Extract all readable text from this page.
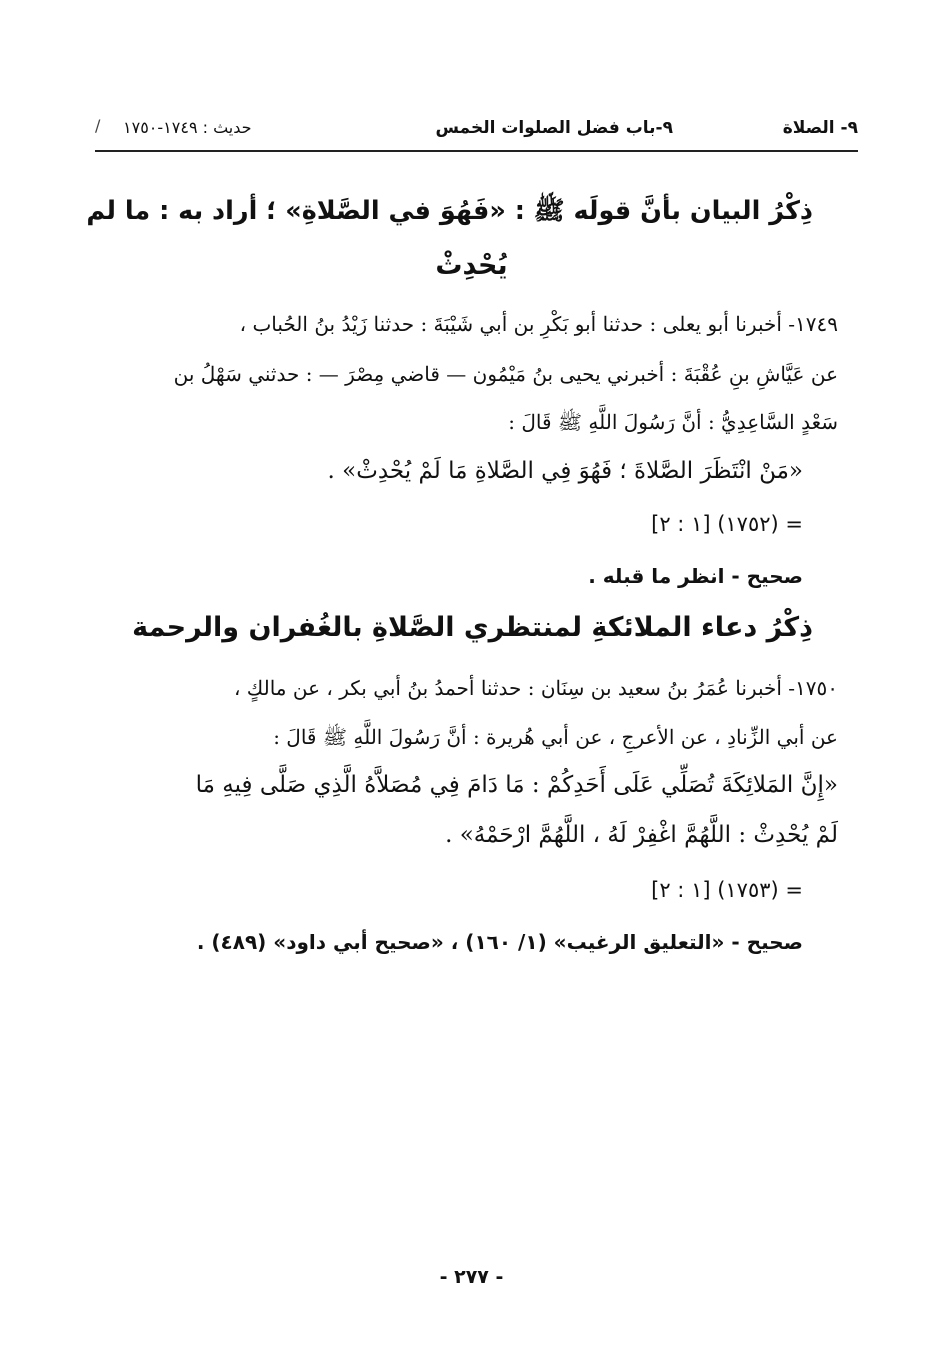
٩- الصلاة
٩-باب فضل الصلوات الخمس
حديث : ١٧٤٩-١٧٥٠
/
ذِكْرُ البيان بأنَّ قولَه ﷺ : «فَهُوَ في الصَّلاةِ» ؛ أراد به : ما لم
يُحْدِثْ
١٧٤٩- أخبرنا أبو يعلى : حدثنا أبو بَكْرِ بن أبي شَيْبَةَ : حدثنا زَيْدُ بنُ الحُباب ،
عن عَيَّاشِ بنِ عُقْبَةَ : أخبرني يحيى بنُ مَيْمُون — قاضي مِصْرَ — : حدثني سَهْلُ بن
سَعْدٍ السَّاعِدِيُّ : أنَّ رَسُولَ اللَّهِ ﷺ قَالَ :
«مَنْ انْتَظَرَ الصَّلاةَ ؛ فَهُوَ فِي الصَّلاةِ مَا لَمْ يُحْدِثْ» .
= (١٧٥٢) [١ : ٢]
صحيح - انظر ما قبله .
ذِكْرُ دعاء الملائكةِ لمنتظري الصَّلاةِ بالغُفران والرحمة
١٧٥٠- أخبرنا عُمَرُ بنُ سعيد بن سِنَان : حدثنا أحمدُ بنُ أبي بكر ، عن مالكٍ ،
عن أبي الزِّنادِ ، عن الأعرجِ ، عن أبي هُريرة : أنَّ رَسُولَ اللَّهِ ﷺ قَالَ :
«إِنَّ المَلائِكَةَ تُصَلِّي عَلَى أَحَدِكُمْ : مَا دَامَ فِي مُصَلاَّهُ الَّذِي صَلَّى فِيهِ مَا
لَمْ يُحْدِثْ : اللَّهُمَّ اغْفِرْ لَهُ ، اللَّهُمَّ ارْحَمْهُ» .
= (١٧٥٣) [١ : ٢]
صحيح - «التعليق الرغيب» (١/ ١٦٠) ، «صحيح أبي داود» (٤٨٩) .
- ٢٧٧ -
